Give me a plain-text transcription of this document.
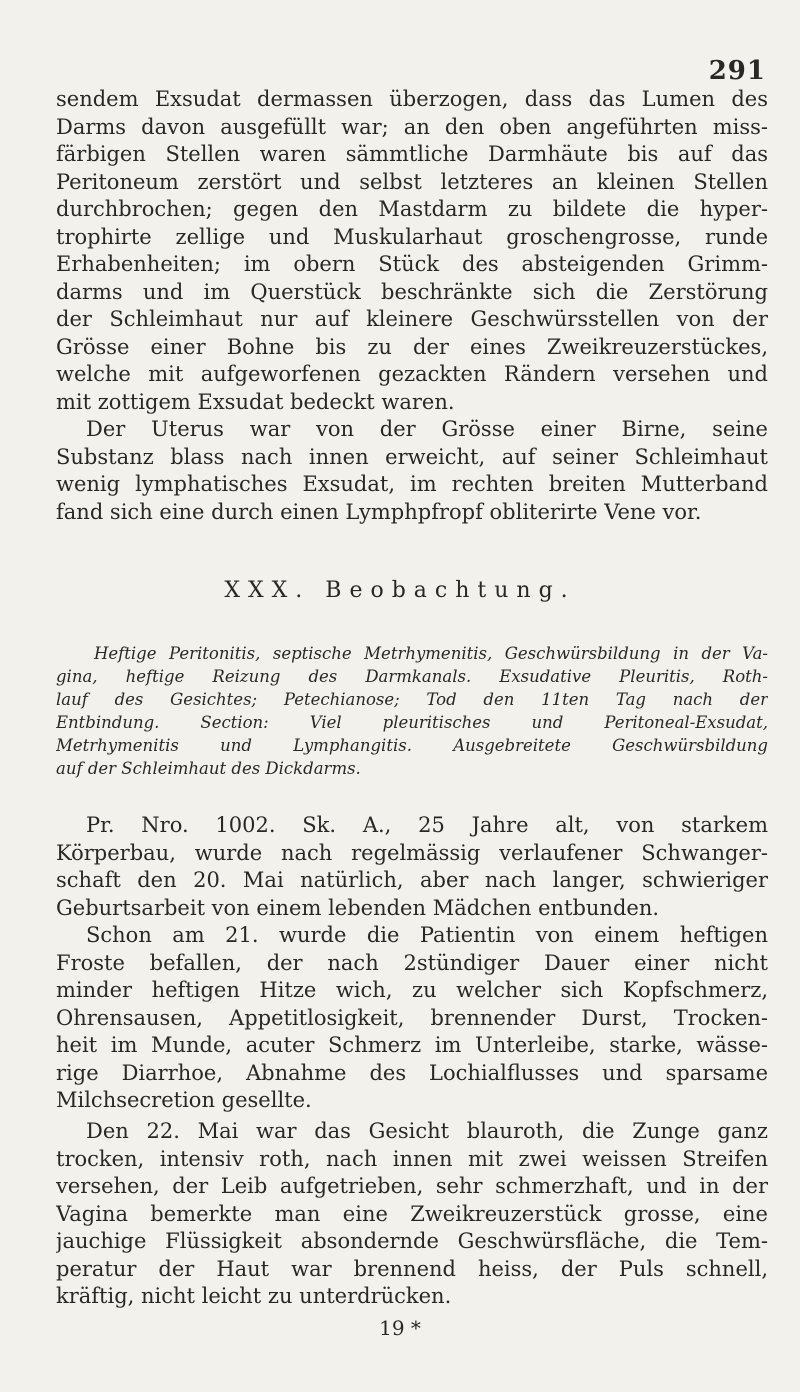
291
sendem Exsudat dermassen überzogen, dass das Lumen des
Darms davon ausgefüllt war; an den oben angeführten miss-
färbigen Stellen waren sämmtliche Darmhäute bis auf das
Peritoneum zerstört und selbst letzteres an kleinen Stellen
durchbrochen; gegen den Mastdarm zu bildete die hyper-
trophirte zellige und Muskularhaut groschengrosse, runde
Erhabenheiten; im obern Stück des absteigenden Grimm-
darms und im Querstück beschränkte sich die Zerstörung
der Schleimhaut nur auf kleinere Geschwürsstellen von der
Grösse einer Bohne bis zu der eines Zweikreuzerstückes,
welche mit aufgeworfenen gezackten Rändern versehen und
mit zottigem Exsudat bedeckt waren.
Der Uterus war von der Grösse einer Birne, seine
Substanz blass nach innen erweicht, auf seiner Schleimhaut
wenig lymphatisches Exsudat, im rechten breiten Mutterband
fand sich eine durch einen Lymphpfropf obliterirte Vene vor.
XXX. Beobachtung.
Heftige Peritonitis, septische Metrhymenitis, Geschwürsbildung in der Va-
gina, heftige Reizung des Darmkanals. Exsudative Pleuritis, Roth-
lauf des Gesichtes; Petechianose; Tod den 11ten Tag nach der
Entbindung. Section: Viel pleuritisches und Peritoneal-Exsudat,
Metrhymenitis und Lymphangitis. Ausgebreitete Geschwürsbildung
auf der Schleimhaut des Dickdarms.
Pr. Nro. 1002. Sk. A., 25 Jahre alt, von starkem
Körperbau, wurde nach regelmässig verlaufener Schwanger-
schaft den 20. Mai natürlich, aber nach langer, schwieriger
Geburtsarbeit von einem lebenden Mädchen entbunden.
Schon am 21. wurde die Patientin von einem heftigen
Froste befallen, der nach 2stündiger Dauer einer nicht
minder heftigen Hitze wich, zu welcher sich Kopfschmerz,
Ohrensausen, Appetitlosigkeit, brennender Durst, Trocken-
heit im Munde, acuter Schmerz im Unterleibe, starke, wässe-
rige Diarrhoe, Abnahme des Lochialflusses und sparsame
Milchsecretion gesellte.
Den 22. Mai war das Gesicht blauroth, die Zunge ganz
trocken, intensiv roth, nach innen mit zwei weissen Streifen
versehen, der Leib aufgetrieben, sehr schmerzhaft, und in der
Vagina bemerkte man eine Zweikreuzerstück grosse, eine
jauchige Flüssigkeit absondernde Geschwürsfläche, die Tem-
peratur der Haut war brennend heiss, der Puls schnell,
kräftig, nicht leicht zu unterdrücken.
19 *
